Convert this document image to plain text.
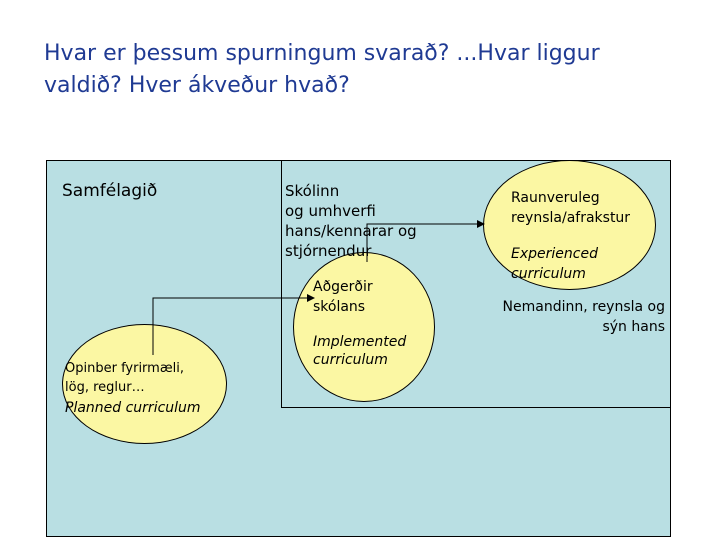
Hvar er þessum spurningum svarað? ...Hvar liggur valdið? Hver ákveður hvað?
Samfélagið	Skólinn
og umhverfi
hans/kennarar og
stjórnendur
Aðgerðir
skólans
Implemented
curriculum
Opinber fyrirmæli,
lög, reglur…
Planned curriculum
Raunveruleg
reynsla/afrakstur
Experienced
curriculum
Nemandinn, reynsla og sýn hans
